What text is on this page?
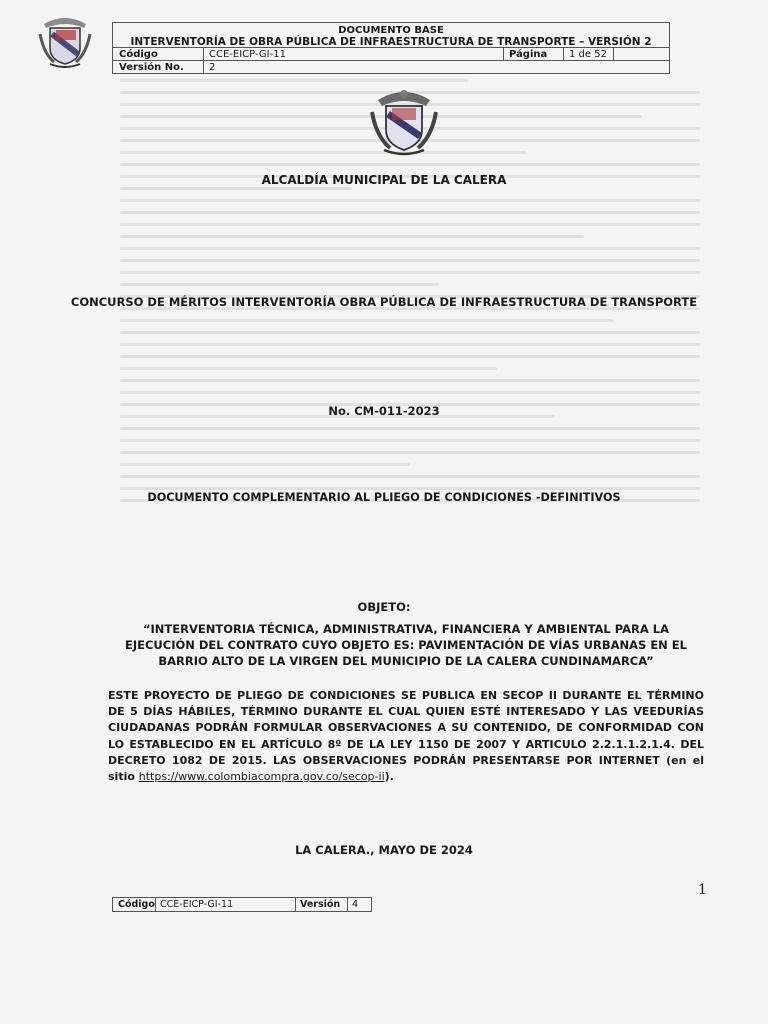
DOCUMENTO BASE
INTERVENTORÍA DE OBRA PÚBLICA DE INFRAESTRUCTURA DE TRANSPORTE – VERSIÓN 2
Código	CCE-EICP-GI-11	Página	1 de 52
Versión No.	2
ALCALDÍA MUNICIPAL DE LA CALERA
CONCURSO DE MÉRITOS INTERVENTORÍA OBRA PÚBLICA DE INFRAESTRUCTURA DE TRANSPORTE
No. CM-011-2023
DOCUMENTO COMPLEMENTARIO AL PLIEGO DE CONDICIONES -DEFINITIVOS
OBJETO:
“INTERVENTORIA TÉCNICA, ADMINISTRATIVA, FINANCIERA Y AMBIENTAL PARA LA EJECUCIÓN DEL CONTRATO CUYO OBJETO ES: PAVIMENTACIÓN DE VÍAS URBANAS EN EL BARRIO ALTO DE LA VIRGEN DEL MUNICIPIO DE LA CALERA CUNDINAMARCA”
ESTE PROYECTO DE PLIEGO DE CONDICIONES SE PUBLICA EN SECOP II DURANTE EL TÉRMINO DE 5 DÍAS HÁBILES, TÉRMINO DURANTE EL CUAL QUIEN ESTÉ INTERESADO Y LAS VEEDURÍAS CIUDADANAS PODRÁN FORMULAR OBSERVACIONES A SU CONTENIDO, DE CONFORMIDAD CON LO ESTABLECIDO EN EL ARTÍCULO 8º DE LA LEY 1150 DE 2007 Y ARTICULO 2.2.1.1.2.1.4. DEL DECRETO 1082 DE 2015. LAS OBSERVACIONES PODRÁN PRESENTARSE POR INTERNET (en el sitio https://www.colombiacompra.gov.co/secop-ii).
LA CALERA., MAYO DE 2024
1
Código CCE-EICP-GI-11	Versión	4
